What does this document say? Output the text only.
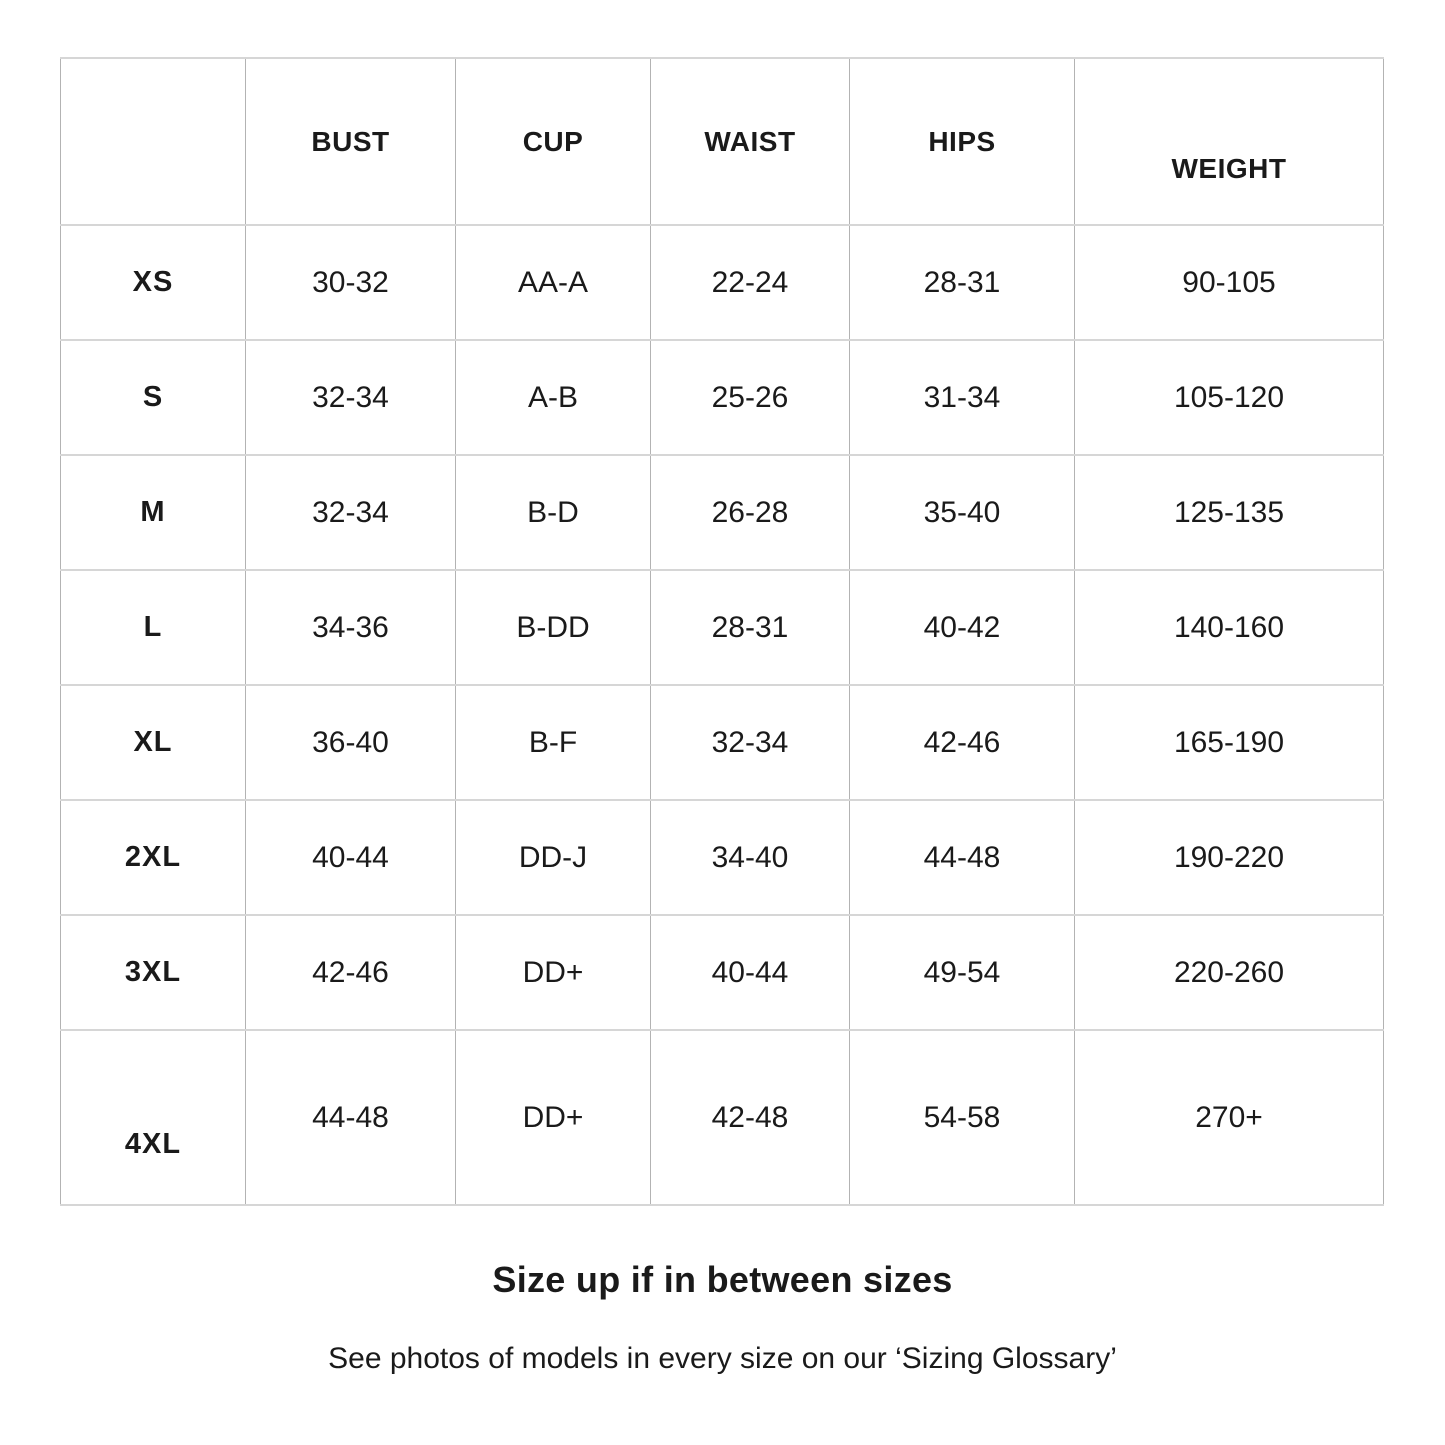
	BUST	CUP	WAIST	HIPS	WEIGHT
XS	30-32	AA-A	22-24	28-31	90-105
S	32-34	A-B	25-26	31-34	105-120
M	32-34	B-D	26-28	35-40	125-135
L	34-36	B-DD	28-31	40-42	140-160
XL	36-40	B-F	32-34	42-46	165-190
2XL	40-44	DD-J	34-40	44-48	190-220
3XL	42-46	DD+	40-44	49-54	220-260
4XL	44-48	DD+	42-48	54-58	270+
Size up if in between sizes
See photos of models in every size on our ‘Sizing Glossary’
